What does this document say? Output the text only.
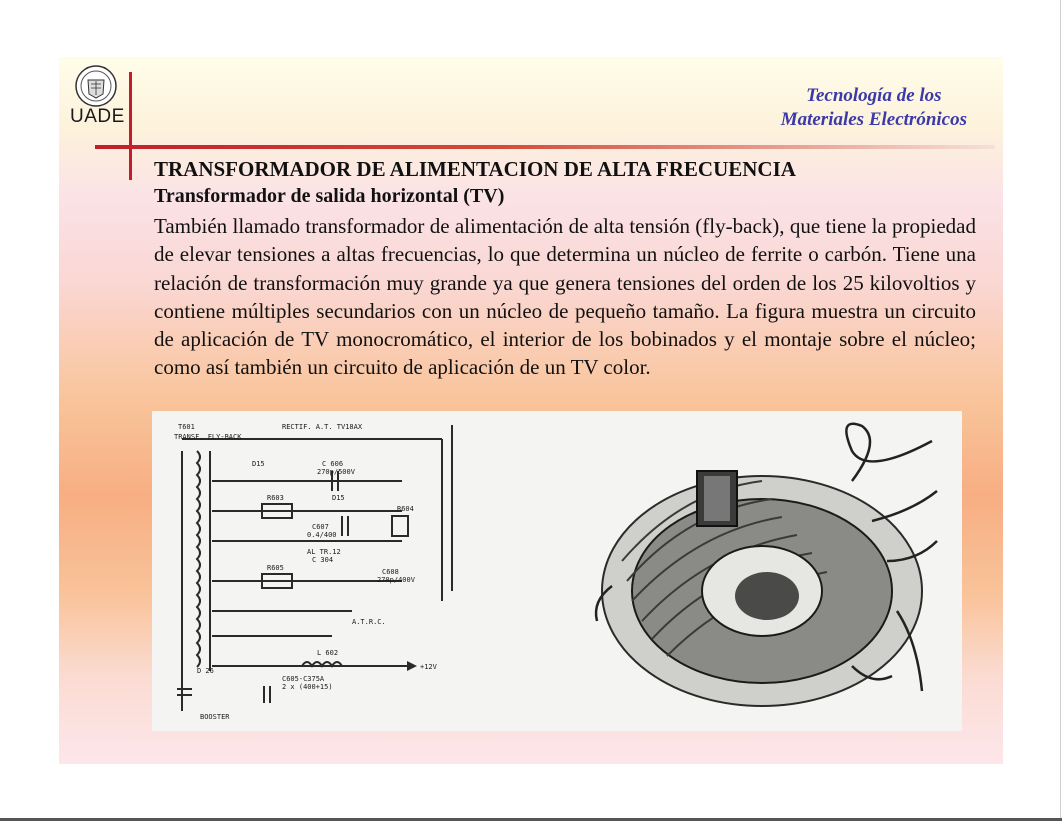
UADE
Tecnología de los
Materiales Electrónicos

TRANSFORMADOR DE ALIMENTACION DE ALTA FRECUENCIA

Transformador de salida horizontal (TV)

También llamado transformador de alimentación de alta tensión (fly-back), que tiene la propiedad de elevar tensiones a altas frecuencias, lo que determina un núcleo de ferrite o carbón. Tiene una relación de transformación muy grande ya que genera tensiones del orden de los 25 kilovoltios y contiene múltiples secundarios con un núcleo de pequeño tamaño. La figura muestra un circuito de aplicación de TV monocromático, el interior de los bobinados y el montaje sobre el núcleo; como así también un circuito de aplicación de un TV color.

T601
TRANSF. FLY-BACK
RECTIF. A.T. TV18AX
D15	C 606
270p/500V
R603	D15
R604
C607
0.4/400
AL TR.12
C 304
R605	C608
270p/400V
A.T.R.C.
L 602
+12V
D 26
C605-C375A
2 x (400+15)
BOOSTER
